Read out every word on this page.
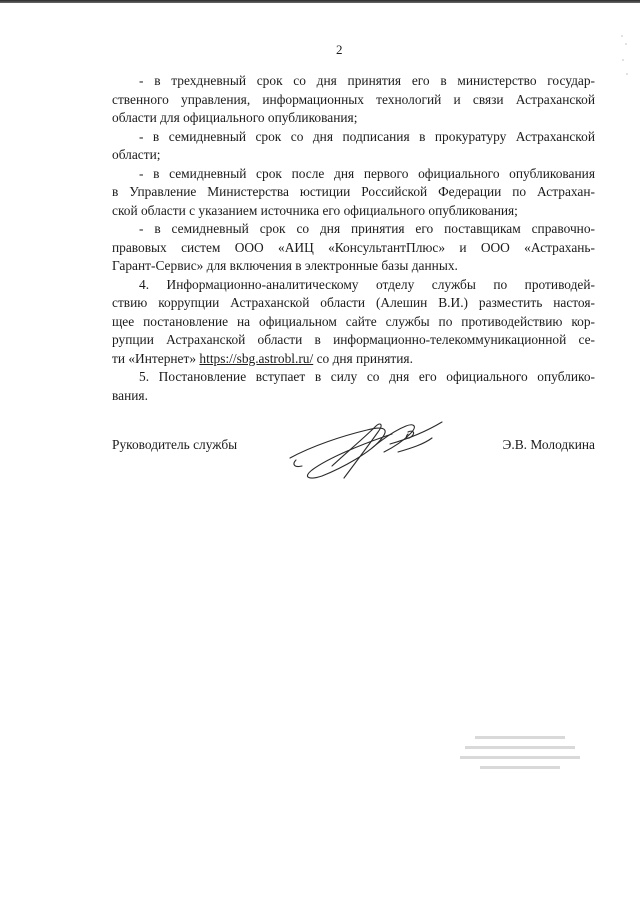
2
- в трехдневный срок со дня принятия его в министерство государ-
ственного управления, информационных технологий и связи Астраханской
области для официального опубликования;
- в семидневный срок со дня подписания в прокуратуру Астраханской
области;
- в семидневный срок после дня первого официального опубликования
в Управление Министерства юстиции Российской Федерации по Астрахан-
ской области с указанием источника его официального опубликования;
- в семидневный срок со дня принятия его поставщикам справочно-
правовых систем ООО «АИЦ «КонсультантПлюс» и ООО «Астрахань-
Гарант-Сервис» для включения в электронные базы данных.
4. Информационно-аналитическому отделу службы по противодей-
ствию коррупции Астраханской области (Алешин В.И.) разместить настоя-
щее постановление на официальном сайте службы по противодействию кор-
рупции Астраханской области в информационно-телекоммуникационной се-
ти «Интернет» https://sbg.astrobl.ru/ со дня принятия.
5. Постановление вступает в силу со дня его официального опублико-
вания.
Руководитель службы	Э.В. Молодкина
